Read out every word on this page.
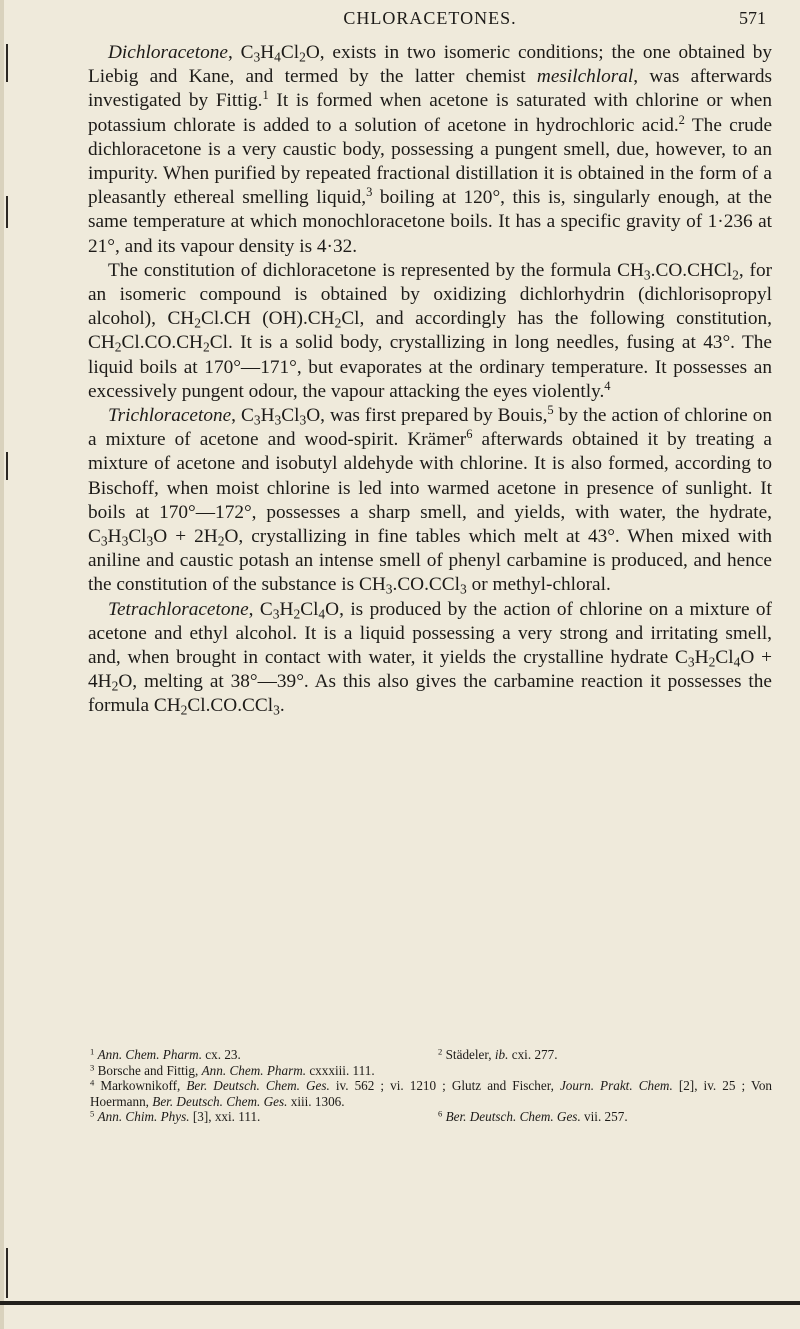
CHLORACETONES.	571

Dichloracetone, $C_3H_4Cl_2O$, exists in two isomeric conditions; the one obtained by Liebig and Kane, and termed by the latter chemist mesilchloral, was afterwards investigated by Fittig.$^1$ It is formed when acetone is saturated with chlorine or when potassium chlorate is added to a solution of acetone in hydrochloric acid.$^2$ The crude dichloracetone is a very caustic body, possessing a pungent smell, due, however, to an impurity. When purified by repeated fractional distillation it is obtained in the form of a pleasantly ethereal smelling liquid,$^3$ boiling at 120°, this is, singularly enough, at the same temperature at which monochloracetone boils. It has a specific gravity of 1·236 at 21°, and its vapour density is 4·32.

The constitution of dichloracetone is represented by the formula $CH_3.CO.CHCl_2$, for an isomeric compound is obtained by oxidizing dichlorhydrin (dichlorisopropyl alcohol), $CH_2Cl.CH$ $(OH).CH_2Cl$, and accordingly has the following constitution, $CH_2Cl.CO.CH_2Cl$. It is a solid body, crystallizing in long needles, fusing at 43°. The liquid boils at 170°—171°, but evaporates at the ordinary temperature. It possesses an excessively pungent odour, the vapour attacking the eyes violently.$^4$

Trichloracetone, $C_3H_3Cl_3O$, was first prepared by Bouis,$^5$ by the action of chlorine on a mixture of acetone and wood-spirit. Krämer$^6$ afterwards obtained it by treating a mixture of acetone and isobutyl aldehyde with chlorine. It is also formed, according to Bischoff, when moist chlorine is led into warmed acetone in presence of sunlight. It boils at 170°—172°, possesses a sharp smell, and yields, with water, the hydrate, $C_3H_3Cl_3O + 2H_2O$, crystallizing in fine tables which melt at 43°. When mixed with aniline and caustic potash an intense smell of phenyl carbamine is produced, and hence the constitution of the substance is $CH_3.CO.CCl_3$ or methyl-chloral.

Tetrachloracetone, $C_3H_2Cl_4O$, is produced by the action of chlorine on a mixture of acetone and ethyl alcohol. It is a liquid possessing a very strong and irritating smell, and, when brought in contact with water, it yields the crystalline hydrate $C_3H_2Cl_4O + 4H_2O$, melting at 38°—39°. As this also gives the carbamine reaction it possesses the formula $CH_2Cl.CO.CCl_3$.

$^1$ Ann. Chem. Pharm. cx. 23.	$^2$ Städeler, ib. cxi. 277.

$^3$ Borsche and Fittig, Ann. Chem. Pharm. cxxxiii. 111.

$^4$ Markownikoff, Ber. Deutsch. Chem. Ges. iv. 562 ; vi. 1210 ; Glutz and Fischer, Journ. Prakt. Chem. [2], iv. 25 ; Von Hoermann, Ber. Deutsch. Chem. Ges. xiii. 1306.

$^5$ Ann. Chim. Phys. [3], xxi. 111.	$^6$ Ber. Deutsch. Chem. Ges. vii. 257.
